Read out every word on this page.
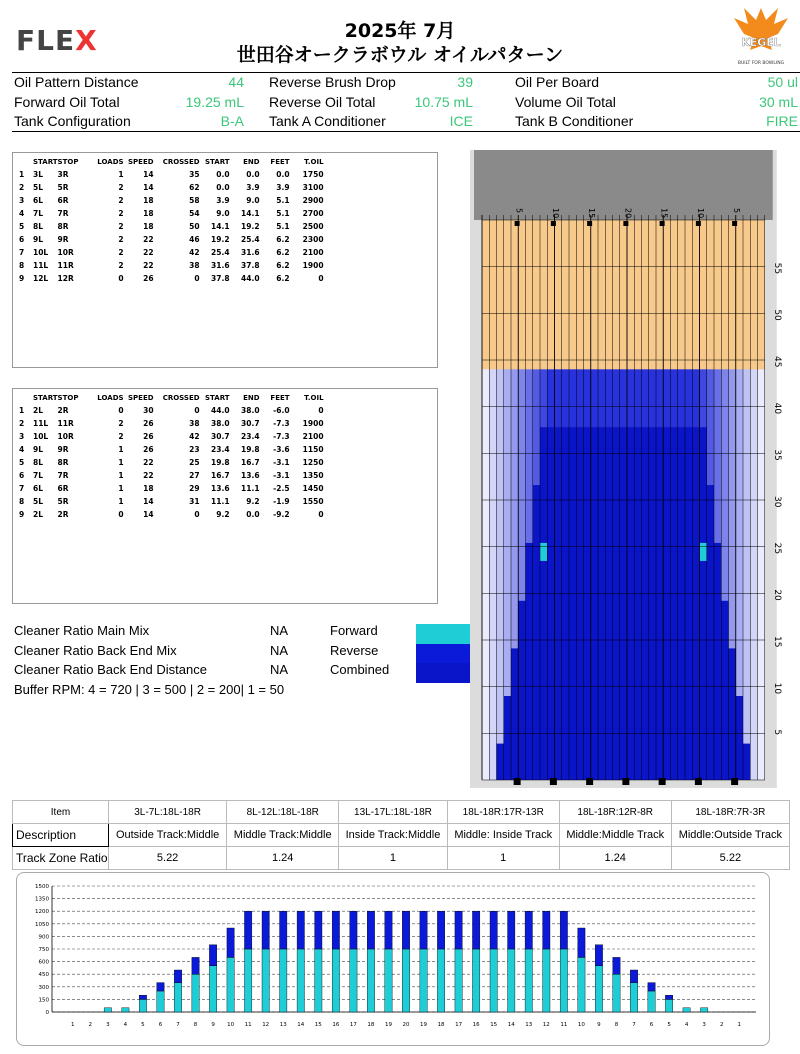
FLEX	2025年 7月
世田谷オークラボウル オイルパターン
KEGEL
BUILT FOR BOWLING
Oil Pattern Distance	44 Reverse Brush Drop	39	Oil Per Board	50 ul
Forward Oil Total	19.25 mL Reverse Oil Total	10.75 mL	Volume Oil Total	30 mL
Tank Configuration	B-A Tank A Conditioner	ICE	Tank B Conditioner	FIRE
	START	STOP	LOADS	SPEED	CROSSED	START	END	FEET	T.OIL
1	3L	3R	1	14	35	0.0	0.0	0.0	1750
2	5L	5R	2	14	62	0.0	3.9	3.9	3100
3	6L	6R	2	18	58	3.9	9.0	5.1	2900
4	7L	7R	2	18	54	9.0	14.1	5.1	2700
5	8L	8R	2	18	50	14.1	19.2	5.1	2500
6	9L	9R	2	22	46	19.2	25.4	6.2	2300
7	10L	10R	2	22	42	25.4	31.6	6.2	2100
8	11L	11R	2	22	38	31.6	37.8	6.2	1900
9	12L	12R	0	26	0	37.8	44.0	6.2	0
	START	STOP	LOADS	SPEED	CROSSED	START	END	FEET	T.OIL
1	2L	2R	0	30	0	44.0	38.0	-6.0	0
2	11L	11R	2	26	38	38.0	30.7	-7.3	1900
3	10L	10R	2	26	42	30.7	23.4	-7.3	2100
4	9L	9R	1	26	23	23.4	19.8	-3.6	1150
5	8L	8R	1	22	25	19.8	16.7	-3.1	1250
6	7L	7R	1	22	27	16.7	13.6	-3.1	1350
7	6L	6R	1	18	29	13.6	11.1	-2.5	1450
8	5L	5R	1	14	31	11.1	9.2	-1.9	1550
9	2L	2R	0	14	0	9.2	0.0	-9.2	0
Cleaner Ratio Main Mix	NA
Cleaner Ratio Back End Mix	NA
Cleaner Ratio Back End Distance	NA
Forward
Reverse
Combined
Buffer RPM: 4 = 720 | 3 = 500 | 2 = 200| 1 = 50
5	10	15	20	15	10	5
5
10
15
20
25
30
35
40
45
50
55
Item	3L-7L:18L-18R	8L-12L:18L-18R	13L-17L:18L-18R	18L-18R:17R-13R	18L-18R:12R-8R	18L-18R:7R-3R
Description	Outside Track:Middle	Middle Track:Middle	Inside Track:Middle	Middle: Inside Track	Middle:Middle Track	Middle:Outside Track
Track Zone Ratio	5.22	1.24	1	1	1.24	5.22
0
150
300
450
600
750
900
1050
1200
1350
1500
1	2	3	4	5	6	7	8	9 10 11 12 13 14 15 16 17 18 19 20 19 18 17 16 15 14 13 12 11 10 9	8	7	6	5	4	3	2	1
